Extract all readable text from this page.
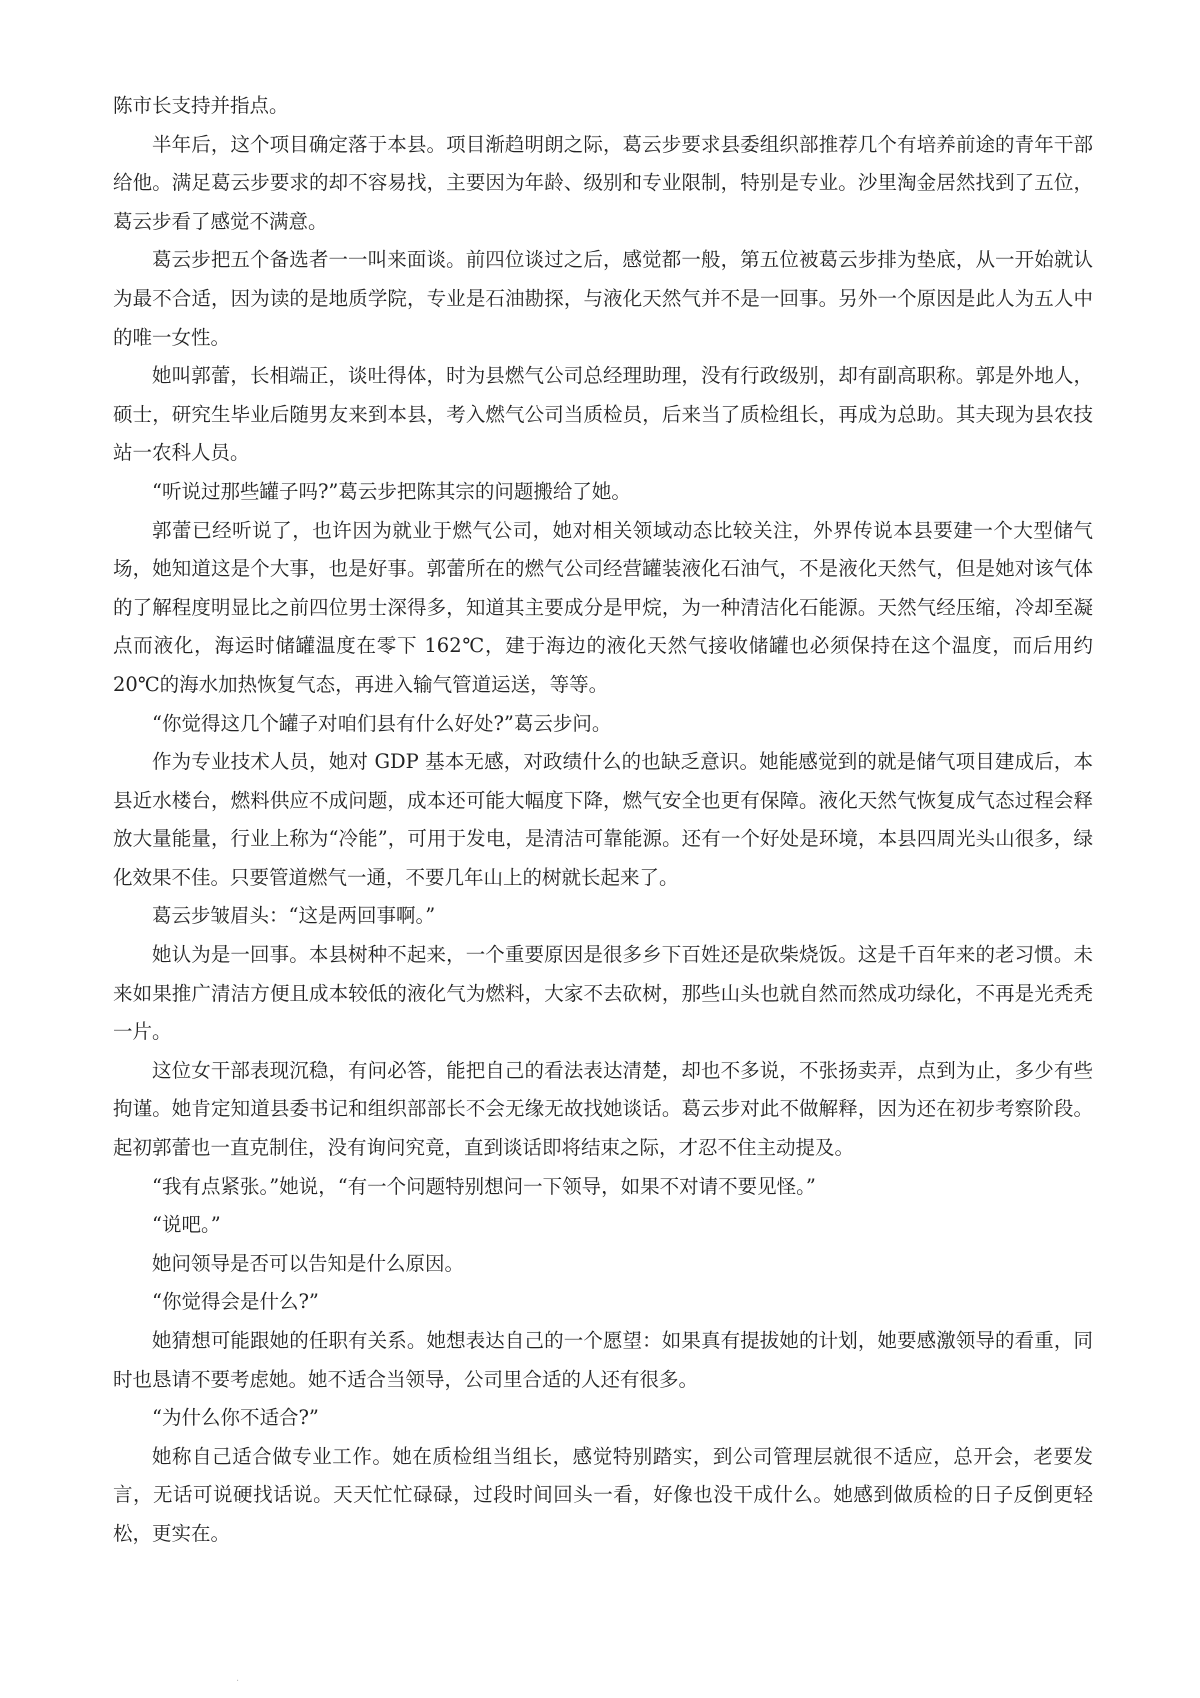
陈市长支持并指点。

半年后，这个项目确定落于本县。项目渐趋明朗之际，葛云步要求县委组织部推荐几个有培养前途的青年干部给他。满足葛云步要求的却不容易找，主要因为年龄、级别和专业限制，特别是专业。沙里淘金居然找到了五位，葛云步看了感觉不满意。

葛云步把五个备选者一一叫来面谈。前四位谈过之后，感觉都一般，第五位被葛云步排为垫底，从一开始就认为最不合适，因为读的是地质学院，专业是石油勘探，与液化天然气并不是一回事。另外一个原因是此人为五人中的唯一女性。

她叫郭蕾，长相端正，谈吐得体，时为县燃气公司总经理助理，没有行政级别，却有副高职称。郭是外地人，硕士，研究生毕业后随男友来到本县，考入燃气公司当质检员，后来当了质检组长，再成为总助。其夫现为县农技站一农科人员。

“听说过那些罐子吗?”葛云步把陈其宗的问题搬给了她。

郭蕾已经听说了，也许因为就业于燃气公司，她对相关领域动态比较关注，外界传说本县要建一个大型储气场，她知道这是个大事，也是好事。郭蕾所在的燃气公司经营罐装液化石油气，不是液化天然气，但是她对该气体的了解程度明显比之前四位男士深得多，知道其主要成分是甲烷，为一种清洁化石能源。天然气经压缩，冷却至凝点而液化，海运时储罐温度在零下 162℃，建于海边的液化天然气接收储罐也必须保持在这个温度，而后用约 20℃的海水加热恢复气态，再进入输气管道运送，等等。

“你觉得这几个罐子对咱们县有什么好处?”葛云步问。

作为专业技术人员，她对 GDP 基本无感，对政绩什么的也缺乏意识。她能感觉到的就是储气项目建成后，本县近水楼台，燃料供应不成问题，成本还可能大幅度下降，燃气安全也更有保障。液化天然气恢复成气态过程会释放大量能量，行业上称为“冷能”，可用于发电，是清洁可靠能源。还有一个好处是环境，本县四周光头山很多，绿化效果不佳。只要管道燃气一通，不要几年山上的树就长起来了。

葛云步皱眉头：“这是两回事啊。”

她认为是一回事。本县树种不起来，一个重要原因是很多乡下百姓还是砍柴烧饭。这是千百年来的老习惯。未来如果推广清洁方便且成本较低的液化气为燃料，大家不去砍树，那些山头也就自然而然成功绿化，不再是光秃秃一片。

这位女干部表现沉稳，有问必答，能把自己的看法表达清楚，却也不多说，不张扬卖弄，点到为止，多少有些拘谨。她肯定知道县委书记和组织部部长不会无缘无故找她谈话。葛云步对此不做解释，因为还在初步考察阶段。起初郭蕾也一直克制住，没有询问究竟，直到谈话即将结束之际，才忍不住主动提及。

“我有点紧张。”她说，“有一个问题特别想问一下领导，如果不对请不要见怪。”

“说吧。”

她问领导是否可以告知是什么原因。

“你觉得会是什么?”

她猜想可能跟她的任职有关系。她想表达自己的一个愿望：如果真有提拔她的计划，她要感激领导的看重，同时也恳请不要考虑她。她不适合当领导，公司里合适的人还有很多。

“为什么你不适合?”

她称自己适合做专业工作。她在质检组当组长，感觉特别踏实，到公司管理层就很不适应，总开会，老要发言，无话可说硬找话说。天天忙忙碌碌，过段时间回头一看，好像也没干成什么。她感到做质检的日子反倒更轻松，更实在。

.
